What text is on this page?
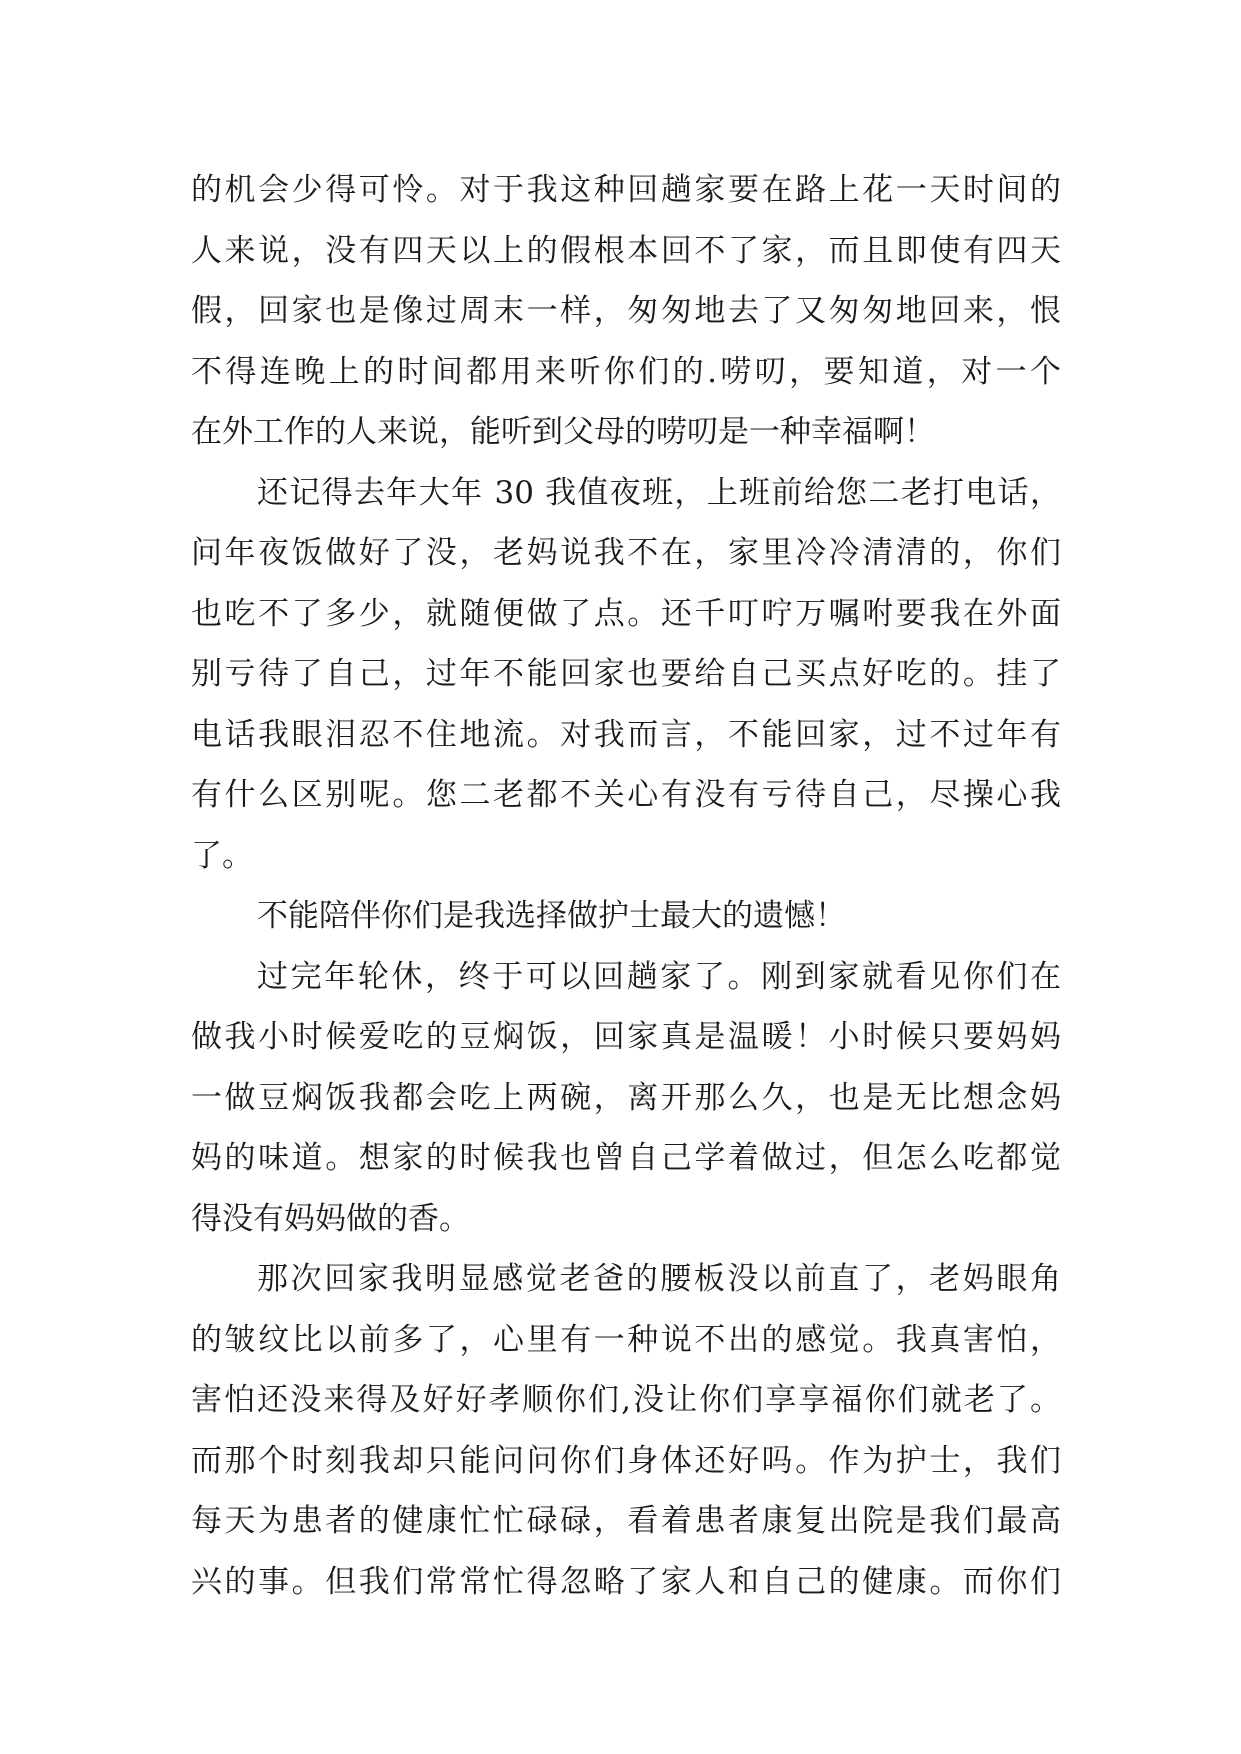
的机会少得可怜。对于我这种回趟家要在路上花一天时间的
人来说，没有四天以上的假根本回不了家，而且即使有四天
假，回家也是像过周末一样，匆匆地去了又匆匆地回来，恨
不得连晚上的时间都用来听你们的.唠叨，要知道，对一个
在外工作的人来说，能听到父母的唠叨是一种幸福啊！
还记得去年大年 30 我值夜班，上班前给您二老打电话，
问年夜饭做好了没，老妈说我不在，家里冷冷清清的，你们
也吃不了多少，就随便做了点。还千叮咛万嘱咐要我在外面
别亏待了自己，过年不能回家也要给自己买点好吃的。挂了
电话我眼泪忍不住地流。对我而言，不能回家，过不过年有
有什么区别呢。您二老都不关心有没有亏待自己，尽操心我
了。
不能陪伴你们是我选择做护士最大的遗憾！
过完年轮休，终于可以回趟家了。刚到家就看见你们在
做我小时候爱吃的豆焖饭，回家真是温暖！小时候只要妈妈
一做豆焖饭我都会吃上两碗，离开那么久，也是无比想念妈
妈的味道。想家的时候我也曾自己学着做过，但怎么吃都觉
得没有妈妈做的香。
那次回家我明显感觉老爸的腰板没以前直了，老妈眼角
的皱纹比以前多了，心里有一种说不出的感觉。我真害怕，
害怕还没来得及好好孝顺你们,没让你们享享福你们就老了。
而那个时刻我却只能问问你们身体还好吗。作为护士，我们
每天为患者的健康忙忙碌碌，看着患者康复出院是我们最高
兴的事。但我们常常忙得忽略了家人和自己的健康。而你们
